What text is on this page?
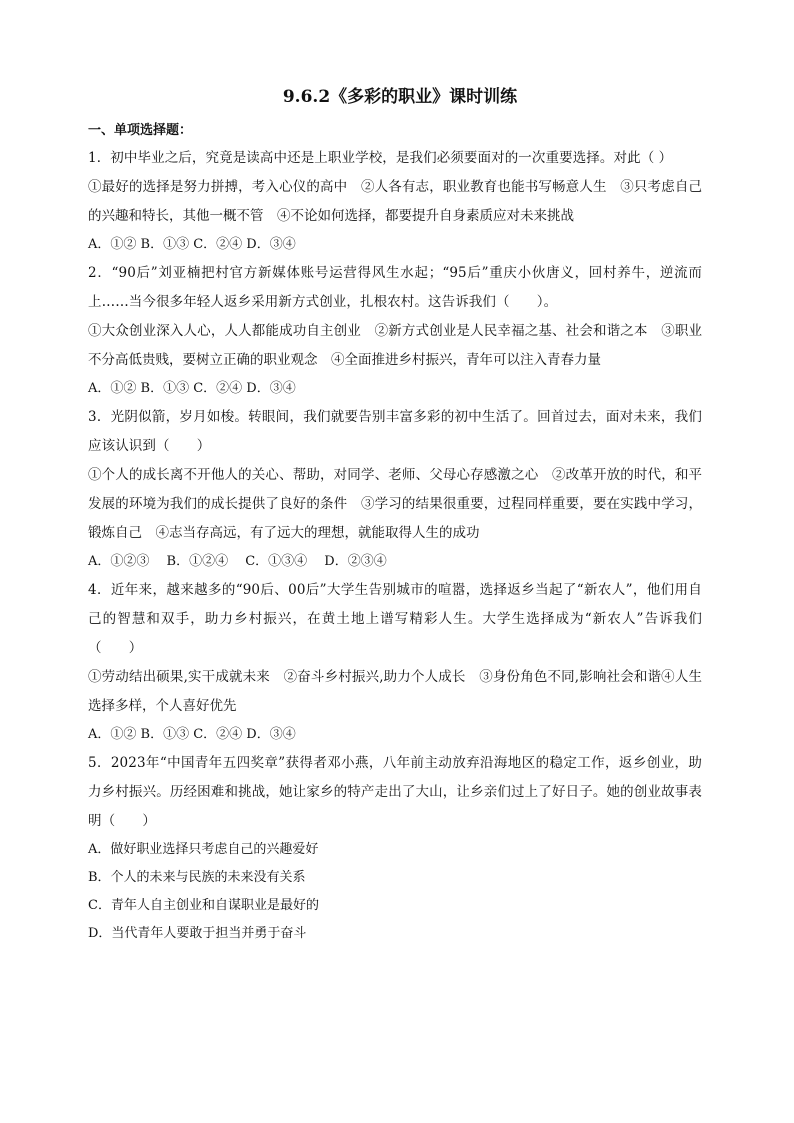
9.6.2《多彩的职业》课时训练

一、单项选择题：

1．初中毕业之后，究竟是读高中还是上职业学校，是我们必须要面对的一次重要选择。对此（ ）

①最好的选择是努力拼搏，考入心仪的高中　②人各有志，职业教育也能书写畅意人生　③只考虑自己的兴趣和特长，其他一概不管　④不论如何选择，都要提升自身素质应对未来挑战

A．①② B．①③ C．②④ D．③④

2．“90后”刘亚楠把村官方新媒体账号运营得风生水起；“95后”重庆小伙唐义，回村养牛，逆流而上……当今很多年轻人返乡采用新方式创业，扎根农村。这告诉我们（　　）。

①大众创业深入人心，人人都能成功自主创业　②新方式创业是人民幸福之基、社会和谐之本　③职业不分高低贵贱，要树立正确的职业观念　④全面推进乡村振兴，青年可以注入青春力量

A．①② B．①③ C．②④ D．③④

3．光阴似箭，岁月如梭。转眼间，我们就要告别丰富多彩的初中生活了。回首过去，面对未来，我们应该认识到（　　）

①个人的成长离不开他人的关心、帮助，对同学、老师、父母心存感激之心　②改革开放的时代，和平发展的环境为我们的成长提供了良好的条件　③学习的结果很重要，过程同样重要，要在实践中学习，锻炼自己　④志当存高远，有了远大的理想，就能取得人生的成功

A．①②③　 B．①②④　 C．①③④　 D．②③④

4．近年来，越来越多的“90后、00后”大学生告别城市的喧嚣，选择返乡当起了“新农人”，他们用自己的智慧和双手，助力乡村振兴，在黄土地上谱写精彩人生。大学生选择成为“新农人”告诉我们（　　）

①劳动结出硕果,实干成就未来　②奋斗乡村振兴,助力个人成长　③身份角色不同,影响社会和谐④人生选择多样，个人喜好优先

A．①② B．①③ C．②④ D．③④

5．2023年“中国青年五四奖章”获得者邓小燕，八年前主动放弃沿海地区的稳定工作，返乡创业，助力乡村振兴。历经困难和挑战，她让家乡的特产走出了大山，让乡亲们过上了好日子。她的创业故事表明（　　）

A．做好职业选择只考虑自己的兴趣爱好

B．个人的未来与民族的未来没有关系

C．青年人自主创业和自谋职业是最好的

D．当代青年人要敢于担当并勇于奋斗
